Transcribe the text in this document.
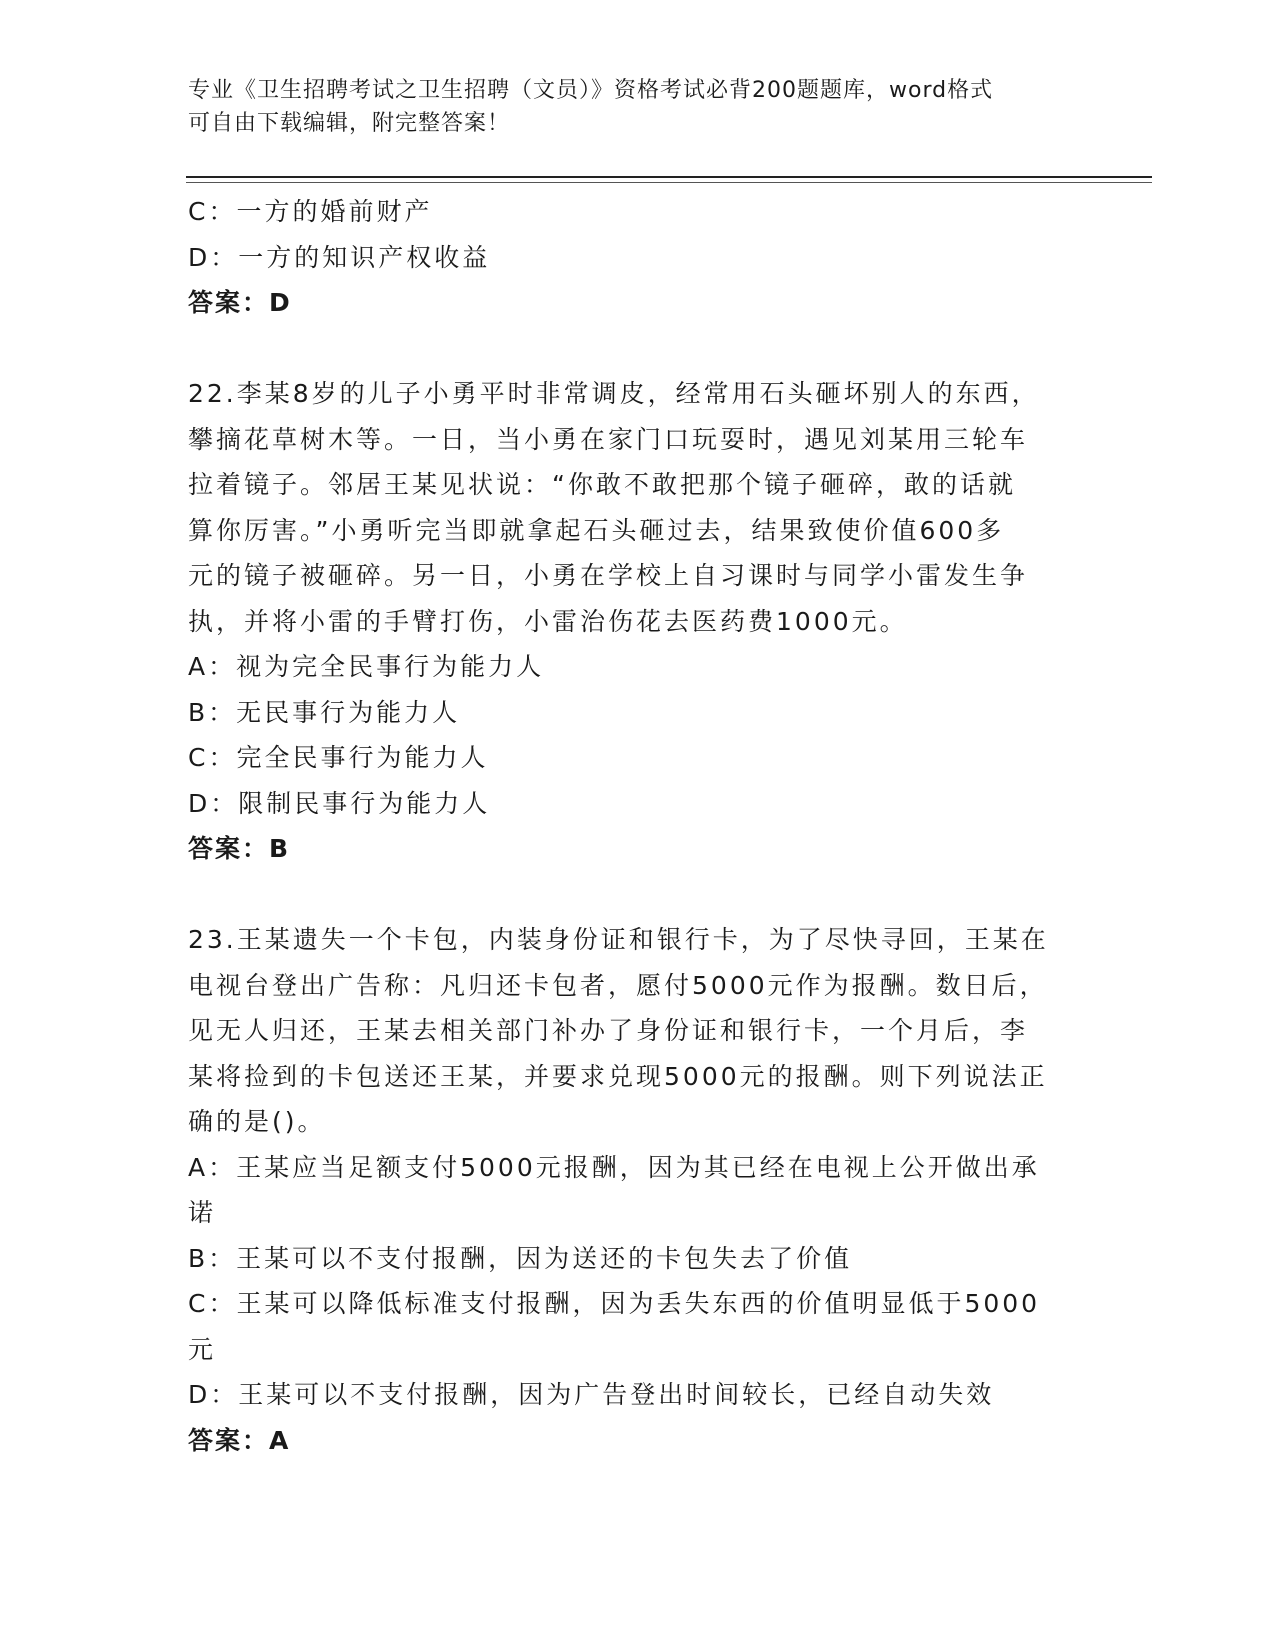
专业《卫生招聘考试之卫生招聘（文员）》资格考试必背200题题库，word格式
可自由下载编辑，附完整答案！
C：一方的婚前财产
D：一方的知识产权收益
答案：D
22.李某8岁的儿子小勇平时非常调皮，经常用石头砸坏别人的东西，
攀摘花草树木等。一日，当小勇在家门口玩耍时，遇见刘某用三轮车
拉着镜子。邻居王某见状说：“你敢不敢把那个镜子砸碎，敢的话就
算你厉害。”小勇听完当即就拿起石头砸过去，结果致使价值600多
元的镜子被砸碎。另一日，小勇在学校上自习课时与同学小雷发生争
执，并将小雷的手臂打伤，小雷治伤花去医药费1000元。
A：视为完全民事行为能力人
B：无民事行为能力人
C：完全民事行为能力人
D：限制民事行为能力人
答案：B
23.王某遗失一个卡包，内装身份证和银行卡，为了尽快寻回，王某在
电视台登出广告称：凡归还卡包者，愿付5000元作为报酬。数日后，
见无人归还，王某去相关部门补办了身份证和银行卡，一个月后，李
某将捡到的卡包送还王某，并要求兑现5000元的报酬。则下列说法正
确的是()。
A：王某应当足额支付5000元报酬，因为其已经在电视上公开做出承
诺
B：王某可以不支付报酬，因为送还的卡包失去了价值
C：王某可以降低标准支付报酬，因为丢失东西的价值明显低于5000
元
D：王某可以不支付报酬，因为广告登出时间较长，已经自动失效
答案：A
